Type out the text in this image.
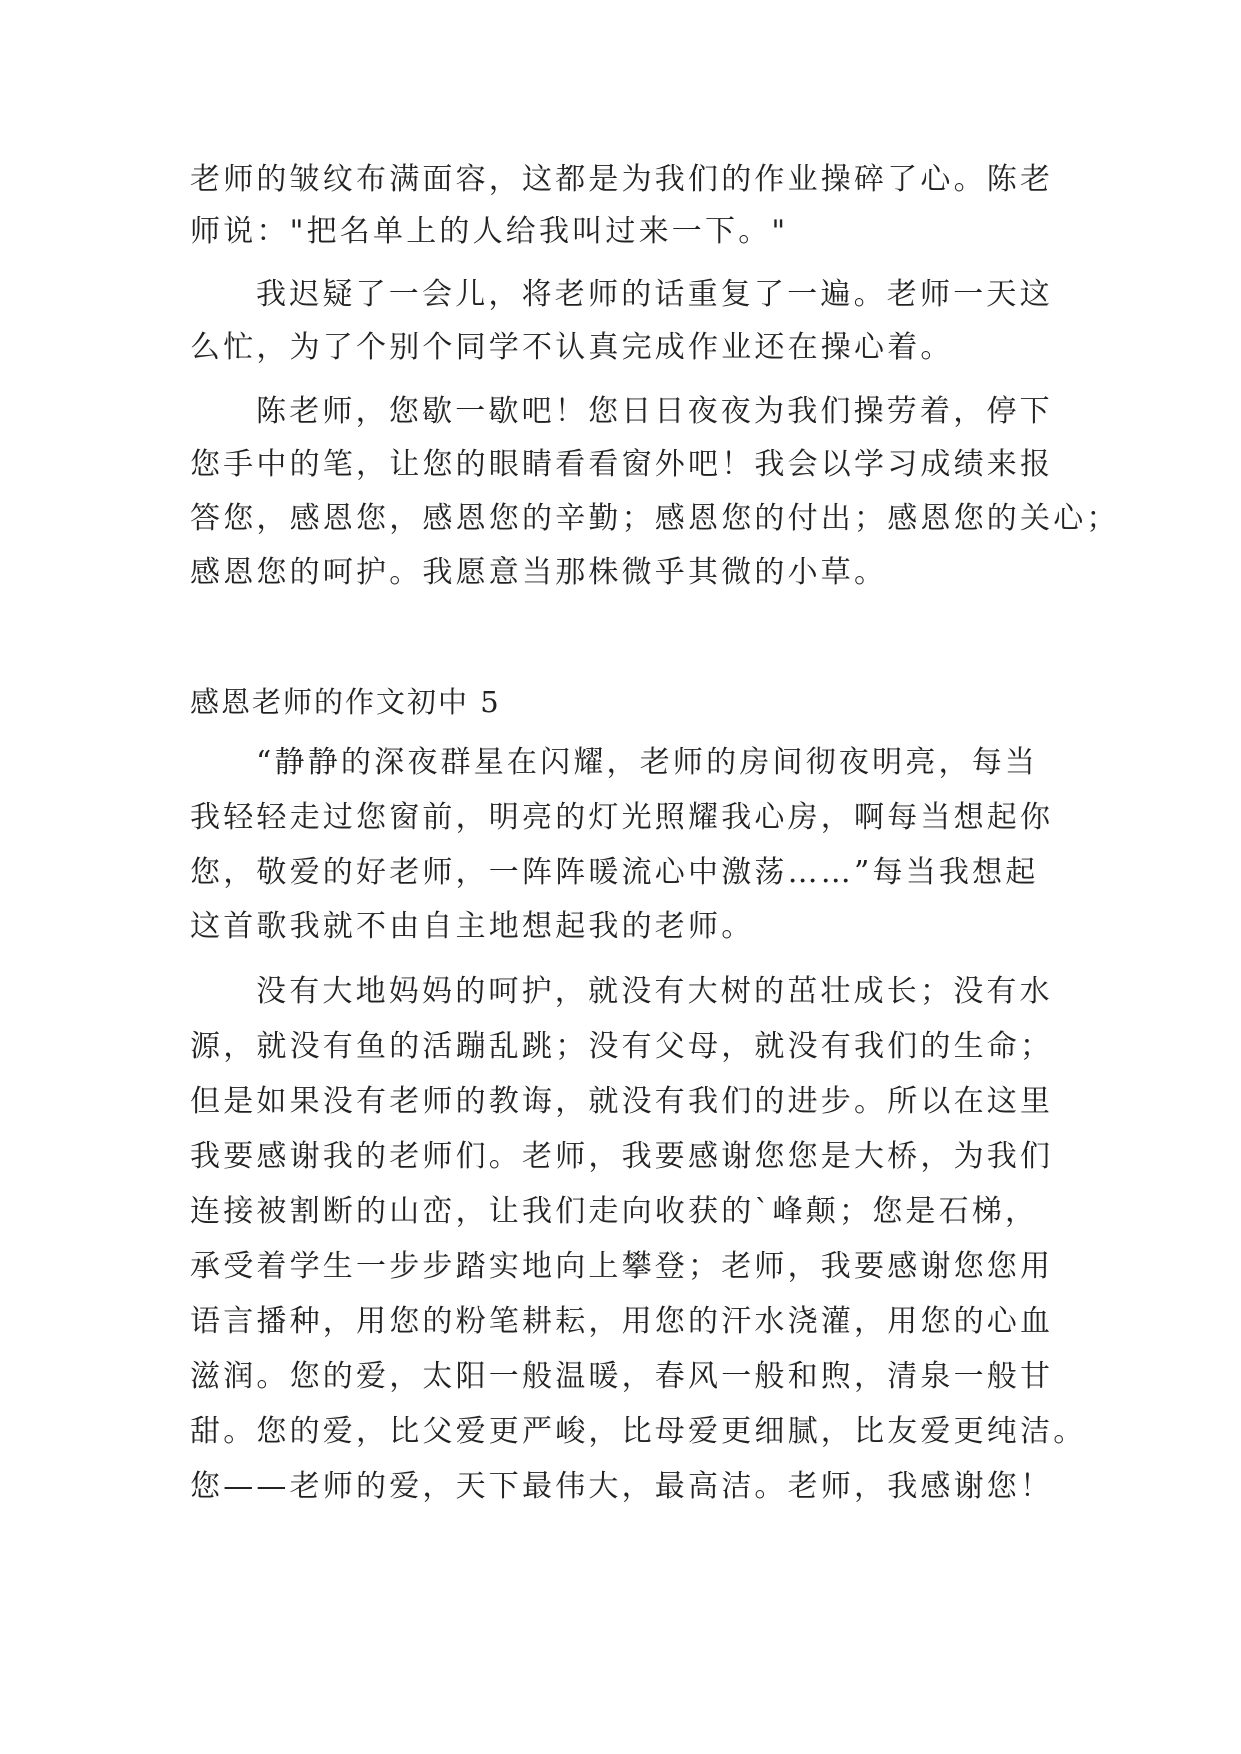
老师的皱纹布满面容，这都是为我们的作业操碎了心。陈老
师说："把名单上的人给我叫过来一下。"
我迟疑了一会儿，将老师的话重复了一遍。老师一天这
么忙，为了个别个同学不认真完成作业还在操心着。
陈老师，您歇一歇吧！您日日夜夜为我们操劳着，停下
您手中的笔，让您的眼睛看看窗外吧！我会以学习成绩来报
答您，感恩您，感恩您的辛勤；感恩您的付出；感恩您的关心；
感恩您的呵护。我愿意当那株微乎其微的小草。
感恩老师的作文初中 5
“静静的深夜群星在闪耀，老师的房间彻夜明亮，每当
我轻轻走过您窗前，明亮的灯光照耀我心房，啊每当想起你
您，敬爱的好老师，一阵阵暖流心中激荡……”每当我想起
这首歌我就不由自主地想起我的老师。
没有大地妈妈的呵护，就没有大树的茁壮成长；没有水
源，就没有鱼的活蹦乱跳；没有父母，就没有我们的生命；
但是如果没有老师的教诲，就没有我们的进步。所以在这里
我要感谢我的老师们。老师，我要感谢您您是大桥，为我们
连接被割断的山峦，让我们走向收获的`峰颠；您是石梯，
承受着学生一步步踏实地向上攀登；老师，我要感谢您您用
语言播种，用您的粉笔耕耘，用您的汗水浇灌，用您的心血
滋润。您的爱，太阳一般温暖，春风一般和煦，清泉一般甘
甜。您的爱，比父爱更严峻，比母爱更细腻，比友爱更纯洁。
您——老师的爱，天下最伟大，最高洁。老师，我感谢您！
